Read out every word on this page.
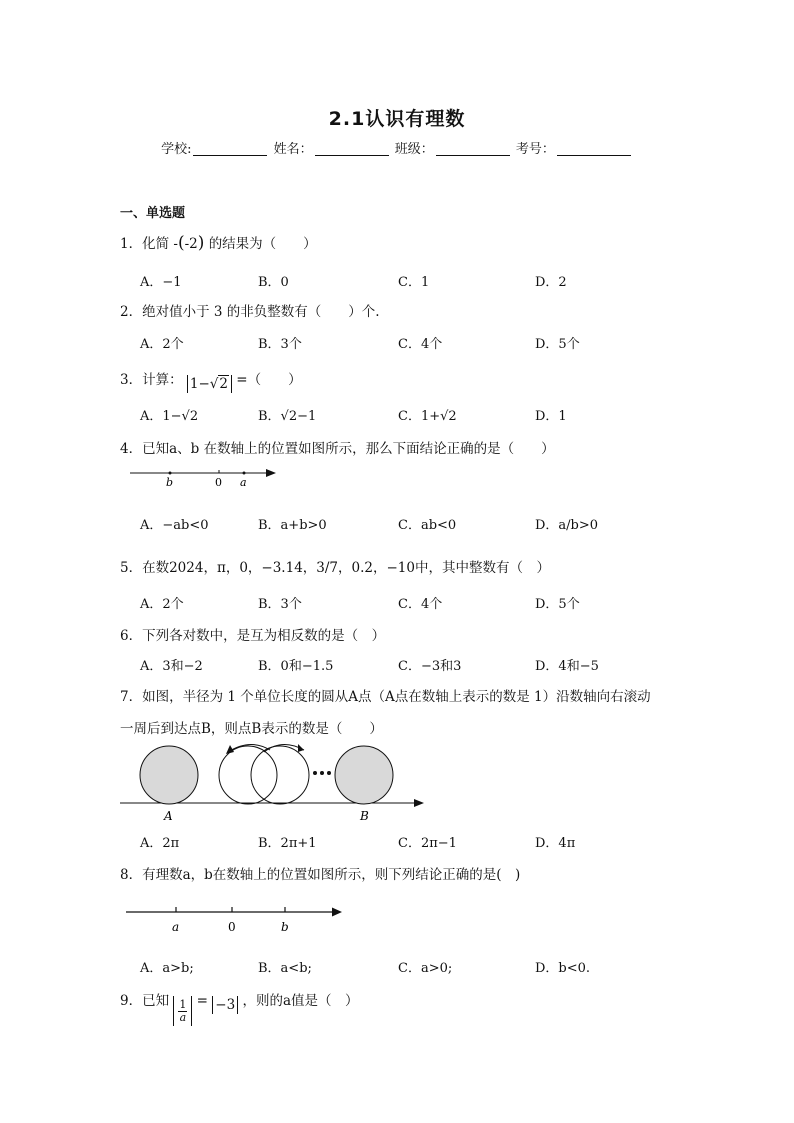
2.1认识有理数
学校:	姓名：	班级：	考号：
一、单选题
1．化简 -(-2) 的结果为（　　）
A．−1	B．0	C．1	D．2
2．绝对值小于 3 的非负整数有（　　）个.
A．2个	B．3个	C．4个	D．5个
3．计算： 1−√2 =（　　）
A．1−√2	B．√2−1	C．1+√2	D．1
4．已知a、b 在数轴上的位置如图所示，那么下面结论正确的是（　　）
b	0 a
A．−ab<0	B．a+b>0	C．ab<0	D．a/b>0
5．在数2024，π，0，−3.14，3/7，0.2，−10中，其中整数有（　）
A．2个	B．3个	C．4个	D．5个
6．下列各对数中，是互为相反数的是（　）
A．3和−2	B．0和−1.5	C．−3和3	D．4和−5
7．如图，半径为 1 个单位长度的圆从A点（A点在数轴上表示的数是 1）沿数轴向右滚动
一周后到达点B，则点B表示的数是（　　）
A	B
A．2π	B．2π+1	C．2π−1	D．4π
8．有理数a，b在数轴上的位置如图所示，则下列结论正确的是(　)
a	0	b
A．a>b;	B．a<b;	C．a>0;	D．b<0.
9．已知 $\frac{1}{a} = -3$ ，则的a值是（　）
